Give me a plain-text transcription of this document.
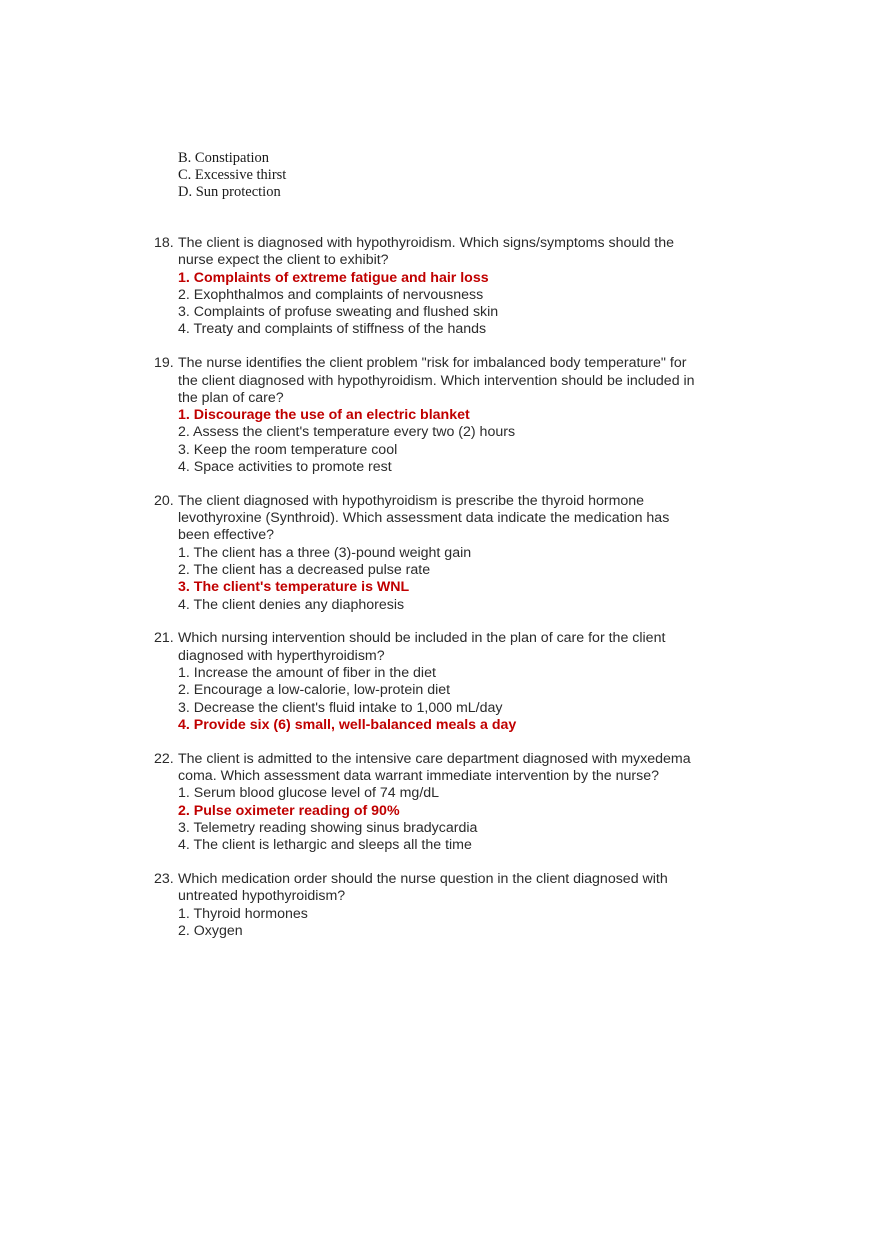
B. Constipation
C. Excessive thirst
D. Sun protection
18. The client is diagnosed with hypothyroidism. Which signs/symptoms should the
nurse expect the client to exhibit?
1. Complaints of extreme fatigue and hair loss
2. Exophthalmos and complaints of nervousness
3. Complaints of profuse sweating and flushed skin
4. Treaty and complaints of stiffness of the hands
19. The nurse identifies the client problem "risk for imbalanced body temperature" for
the client diagnosed with hypothyroidism. Which intervention should be included in
the plan of care?
1. Discourage the use of an electric blanket
2. Assess the client's temperature every two (2) hours
3. Keep the room temperature cool
4. Space activities to promote rest
20. The client diagnosed with hypothyroidism is prescribe the thyroid hormone
levothyroxine (Synthroid). Which assessment data indicate the medication has
been effective?
1. The client has a three (3)-pound weight gain
2. The client has a decreased pulse rate
3. The client's temperature is WNL
4. The client denies any diaphoresis
21. Which nursing intervention should be included in the plan of care for the client
diagnosed with hyperthyroidism?
1. Increase the amount of fiber in the diet
2. Encourage a low-calorie, low-protein diet
3. Decrease the client's fluid intake to 1,000 mL/day
4. Provide six (6) small, well-balanced meals a day
22. The client is admitted to the intensive care department diagnosed with myxedema
coma. Which assessment data warrant immediate intervention by the nurse?
1. Serum blood glucose level of 74 mg/dL
2. Pulse oximeter reading of 90%
3. Telemetry reading showing sinus bradycardia
4. The client is lethargic and sleeps all the time
23. Which medication order should the nurse question in the client diagnosed with
untreated hypothyroidism?
1. Thyroid hormones
2. Oxygen
